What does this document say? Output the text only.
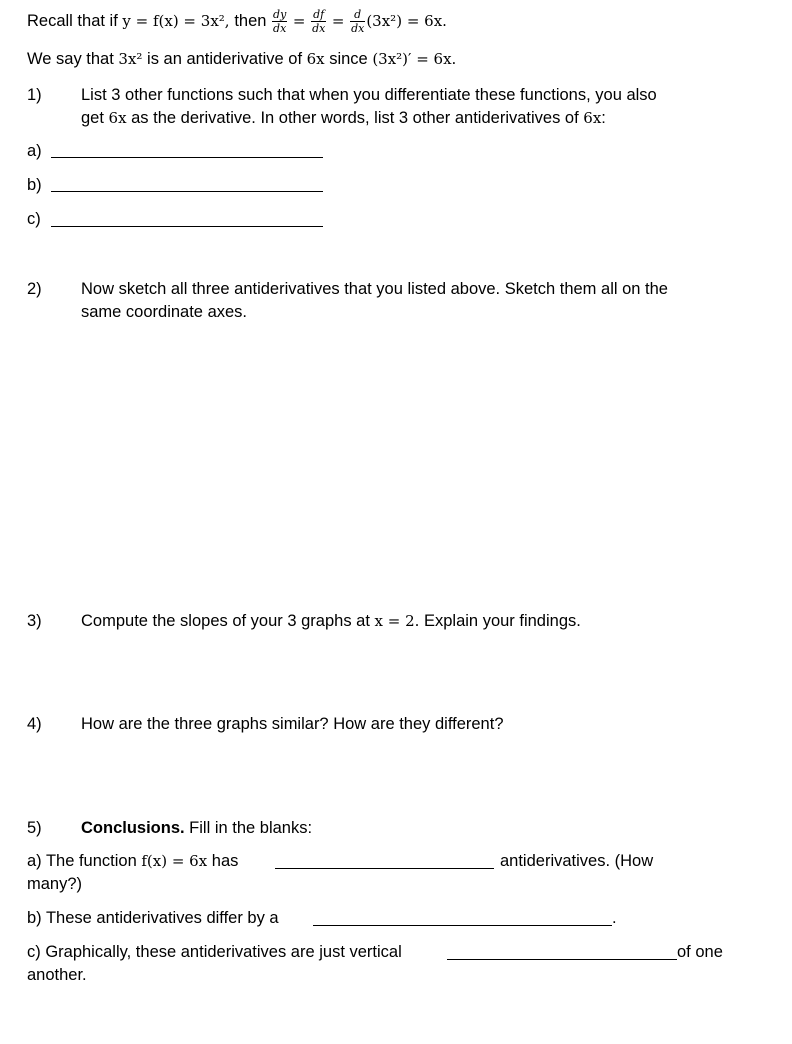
Recall that if y = f(x) = 3x², then $\frac{dy}{dx} = \frac{df}{dx} = \frac{d}{dx} (3x^2) = 6x$.
We say that 3x² is an antiderivative of 6x since (3x²)′ = 6x.
1) List 3 other functions such that when you differentiate these functions, you also
get 6x as the derivative. In other words, list 3 other antiderivatives of 6x:
a)
b)
c)
2) Now sketch all three antiderivatives that you listed above. Sketch them all on the
same coordinate axes.
3) Compute the slopes of your 3 graphs at x = 2. Explain your findings.
4) How are the three graphs similar? How are they different?
5) Conclusions. Fill in the blanks:
a) The function f(x) = 6x has	antiderivatives. (How
many?)
b) These antiderivatives differ by a	.
c) Graphically, these antiderivatives are just vertical	of one
another.
